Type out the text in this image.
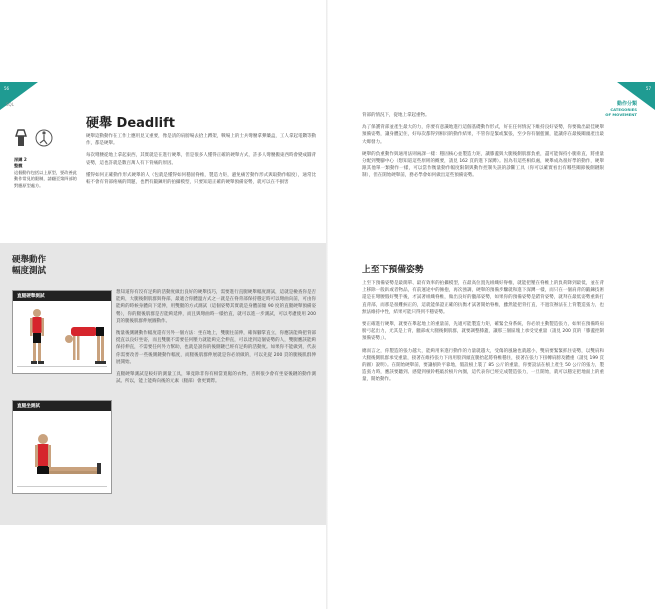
56
SQL
硬舉 Deadlift
深蹲 2
整髖
這個動作包括以上原型，要改善此動作常見的限制，請翻至第四部的對應原型處方。

硬舉這動動作在工作上應用見又重要，像是清的肩膀場去拾上蹲架，戰場上的士兵彎腰拿彈藥盒，工人拿起電鑽等動作，都是硬舉。

每次彎腰從地上拿起東西，其實就是在進行硬舉，但是很多人懂得正確的硬舉方式，許多人彎腰搬東西時會變成圓背姿勢，這也許就是數百萬人有下背痛的原因。

懂得如何正確動作形式硬舉的人（包就是懂得如何穩固脊椎，製造力矩，避免痛苦動作形式與取動作幅度），通常比較不會有背部疼痛的問題，也們有鍛鍊用的拍攝模型，只要知道正確的硬舉預備姿勢，就可以在不損害

硬舉動作
幅度測試
直腿硬舉測試
直腿坐測試

想知道你有沒有足夠的活動度做出良好的硬舉技巧，需要進行直腿硬舉幅度測試，這就是檢查你是否能夠，大腿後側肌群與脊部，最適合你體溫方式之一就是在脊背部保持穩定時可以彎曲向前，可由你能夠的時候身體向下延伸，用雙腿的方式測試（這個姿勢其實就是身體前傾 90 度的直腿硬舉預備姿勢），你的腿後肌群是否能夠延伸，而且與彎曲時一樣抬直，就可以進一步測試，可以考慮使用 200 頁的腿後肌群伸展圖動作。

衡量後側鏈動作幅度還有另外一個方法：坐在地上，雙腿往前伸，確保腳掌直立，你應該能夠把背部挺直以良好坐姿，而且雙腿不需要任何壓力就能夠完全伸直，可以達到這個姿勢的人，雙腿應該能夠保持伸直，不需要任何外力幫助，也就是說你的後側鏈已經有足夠的活動度。如果你不能做到，代表你需要改善一些後側鏈動作幅度，而腿後肌群伸展就是你必須做的，可以先從 200 頁的腿後肌群伸展開始。

直腿硬舉測試是較好的測量工具，畢竟除非你有相當寬鬆的衣物，否則很少會有坐姿後鏈的動作測試。所以，能上能夠向後的元素（腿部）會更實際。

57
動作分類
CATEGORIES
OF MOVEMENT

背部的情況下，從地上拿起重物。

為了保護背部並產生最大的力，你要有意識地進行這個基礎動作形式，好在任何情況下維持良好姿勢，你要做出最佳硬舉預備姿勢，讓身體記住，好每次都得到相同的動作結果，不管你是緊或緊張，至少你有個藍圖，能讓你在最後關頭產出最大爆發力。

硬舉的負重動作與通用法則兩課一樣：穩固核心並製造力矩，讓膝蓋與大腿後側肌群負重，盡可能保持小腿垂直，將重量分配到雙腳中心（想知道這些原則的概要，請見 162 頁的進下深蹲）。因為有這些相似處，硬舉成為很好學的動作，硬舉跟其他單一類動作一樣，可以當作衡量動作幅度限制與動作控制失誤的診斷工具（你可以確實看出有哪些關節後側鏈限制），但在開始硬舉前，務必學會如何做出這些預備姿勢。

上至下預備姿勢

上至下預備姿勢是最簡單、最有效率的拍攝模型，在最高位置先組織好脊椎，就能把壓在脊椎上的負荷降到最低，並在背上移除一般趴或者物品，有前運途中的擁抱，再次強調，硬舉的預備步驟就和進下深蹲一樣，而只在一個肩背的鍛鍊技術還是在彎腰假好雙手後，才試著組織脊椎，做出良好的髖部姿勢，如果你的預備姿勢是錯背姿勢，就拜在最低姿勢重新打直背部，而那是很難糾正的，這就能保證正確的抗衡才試著開始脊椎，雖然能把背打直，不過沒辦法在上背製造張力，也無法維持中性，結果可能只得到不穩姿勢。

要正確進行硬舉，就要在舉起地上的重量前，先適可能製造力矩，確緊全身系統，你必須主動製造張力，如果在預備時肩膀弓起出力，尤其是上背，髖部或大腿後側肌群，就要調整膝蓋，讓那三個區塊上承受受重量（請見 200 頁的「膝蓋控制預備姿勢」）。

總而言之，你製造的張力越大，能夠用來進行動作的力量就越大，受傷的風險也就越小，雙肩要緊緊抓住姿勢，以雙肩和大腿後側肌群承受重量，接著在維持張力下再用股四頭直腿抬起將脊椎穩住，接著在張力下扭轉肩膀及體重（請見 199 頁的圖）說明）。在開始硬舉前，要讓槓鈴平靠地，假設槓上裝了 85 公斤的重量，你要設法在槓上產生 50 公斤的張力，製造張力時，應該要聽到、感覺到槓鈴輕敲於槓片內圈，這代表你已經完成製造張力，一旦開始，就可以穩定把地面上的重量，開始動作。
